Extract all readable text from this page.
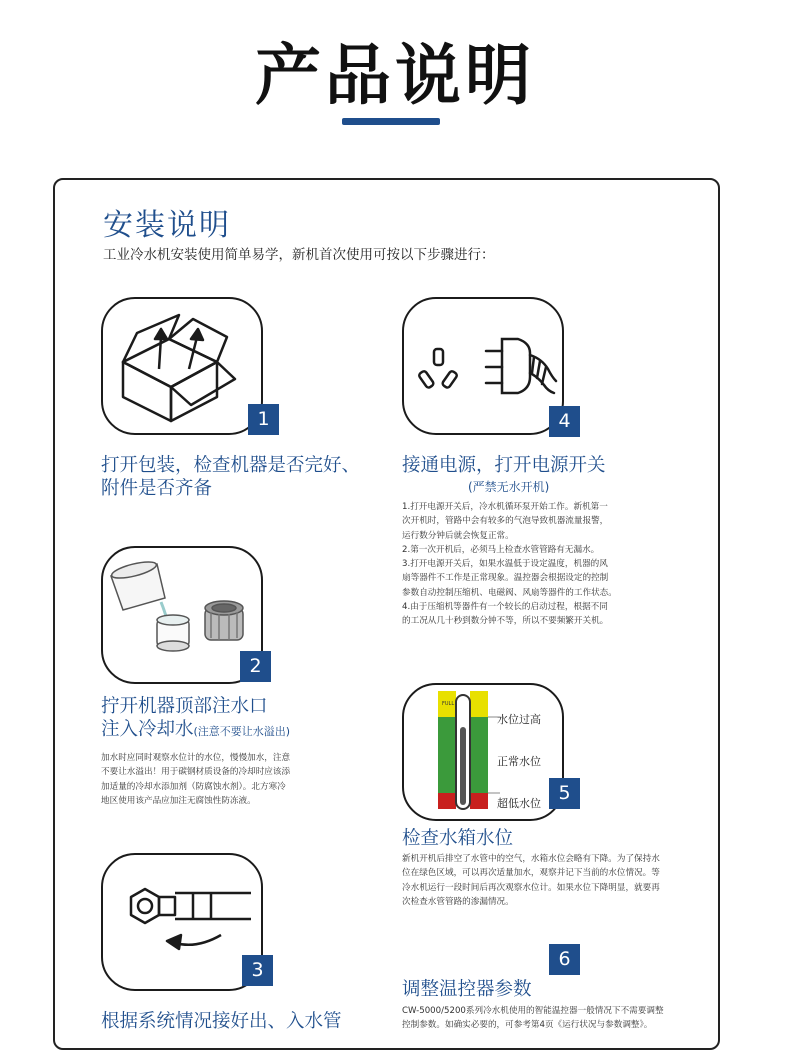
产品说明
安装说明
工业冷水机安装使用简单易学，新机首次使用可按以下步骤进行：
1
打开包装，检查机器是否完好、
附件是否齐备
4
接通电源，打开电源开关
(严禁无水开机)
1.打开电源开关后，冷水机循环泵开始工作。新机第一
次开机时，管路中会有较多的气泡导致机器流量报警，
运行数分钟后就会恢复正常。
2.第一次开机后，必须马上检查水管管路有无漏水。
3.打开电源开关后，如果水温低于设定温度，机器的风
扇等器件不工作是正常现象。温控器会根据设定的控制
参数自动控制压缩机、电磁阀、风扇等器件的工作状态。
4.由于压缩机等器件有一个较长的启动过程，根据不同
的工况从几十秒到数分钟不等，所以不要频繁开关机。
2
拧开机器顶部注水口
注入冷却水(注意不要让水溢出)
加水时应同时观察水位计的水位，慢慢加水，注意
不要让水溢出！用于碳钢材质设备的冷却时应该添
加适量的冷却水添加剂（防腐蚀水剂）。北方寒冷
地区使用该产品应加注无腐蚀性防冻液。
FULL
水位过高
正常水位
超低水位 5
检查水箱水位
新机开机后排空了水管中的空气，水箱水位会略有下降。为了保持水
位在绿色区域，可以再次适量加水，观察并记下当前的水位情况。等
冷水机运行一段时间后再次观察水位计。如果水位下降明显，就要再
次检查水管管路的渗漏情况。
3
根据系统情况接好出、入水管
6
调整温控器参数
CW-5000/5200系列冷水机使用的智能温控器一般情况下不需要调整
控制参数。如确实必要的，可参考第4页《运行状况与参数调整》。
